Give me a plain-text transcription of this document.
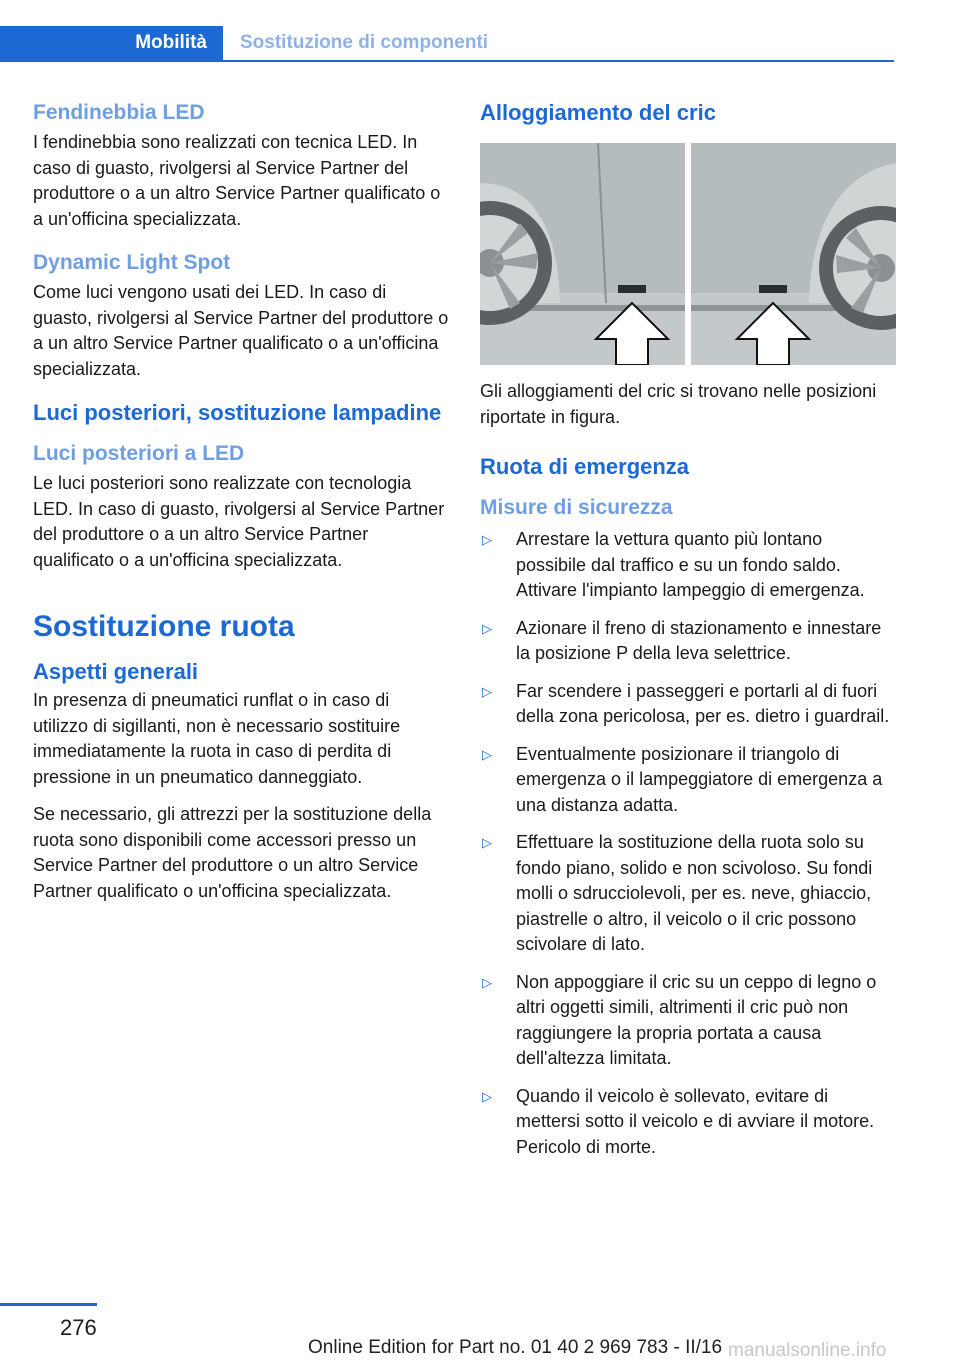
Mobilità	Sostituzione di componenti
Fendinebbia LED

I fendinebbia sono realizzati con tecnica LED. In caso di guasto, rivolgersi al Service Partner del produttore o a un altro Service Partner qualificato o a un'officina specializzata.

Dynamic Light Spot

Come luci vengono usati dei LED. In caso di guasto, rivolgersi al Service Partner del produttore o a un altro Service Partner qualificato o a un'officina specializzata.

Luci posteriori, sostituzione lampadine
Luci posteriori a LED

Le luci posteriori sono realizzate con tecnologia LED. In caso di guasto, rivolgersi al Service Partner del produttore o a un altro Service Partner qualificato o a un'officina specializzata.

Sostituzione ruota
Aspetti generali

In presenza di pneumatici runflat o in caso di utilizzo di sigillanti, non è necessario sostituire immediatamente la ruota in caso di perdita di pressione in un pneumatico danneggiato.

Se necessario, gli attrezzi per la sostituzione della ruota sono disponibili come accessori presso un Service Partner del produttore o un altro Service Partner qualificato o un'officina specializzata.

Alloggiamento del cric

Gli alloggiamenti del cric si trovano nelle posizioni riportate in figura.

Ruota di emergenza
Misure di sicurezza
▷	Arrestare la vettura quanto più lontano possibile dal traffico e su un fondo saldo. Attivare l'impianto lampeggio di emergenza.
▷	Azionare il freno di stazionamento e innestare la posizione P della leva selettrice.
▷	Far scendere i passeggeri e portarli al di fuori della zona pericolosa, per es. dietro i guardrail.
▷	Eventualmente posizionare il triangolo di emergenza o il lampeggiatore di emergenza a una distanza adatta.
▷	Effettuare la sostituzione della ruota solo su fondo piano, solido e non scivoloso. Su fondi molli o sdrucciolevoli, per es. neve, ghiaccio, piastrelle o altro, il veicolo o il cric possono scivolare di lato.
▷	Non appoggiare il cric su un ceppo di legno o altri oggetti simili, altrimenti il cric può non raggiungere la propria portata a causa dell'altezza limitata.
▷	Quando il veicolo è sollevato, evitare di mettersi sotto il veicolo e di avviare il motore. Pericolo di morte.
276
Online Edition for Part no. 01 40 2 969 783 - II/16 manualsonline.info
